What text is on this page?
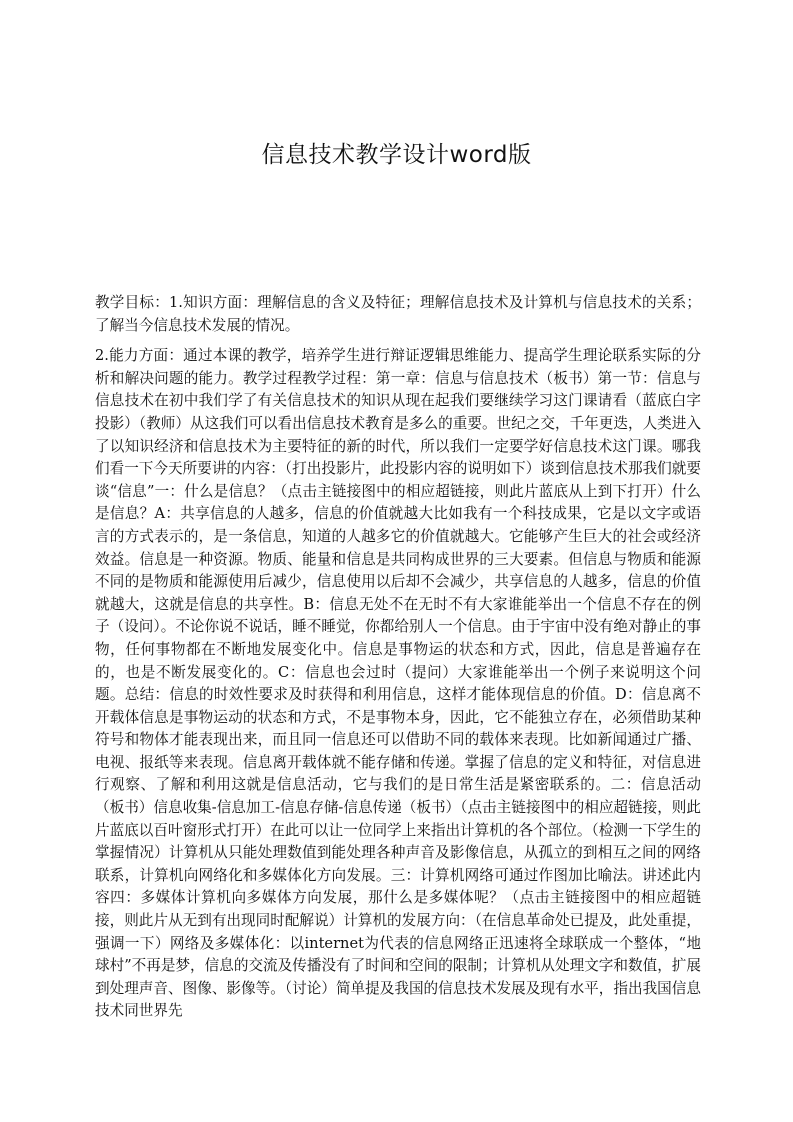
信息技术教学设计word版

教学目标：1.知识方面：理解信息的含义及特征；理解信息技术及计算机与信息技术的关系；了解当今信息技术发展的情况。

2.能力方面：通过本课的教学，培养学生进行辩证逻辑思维能力、提高学生理论联系实际的分析和解决问题的能力。教学过程教学过程：第一章：信息与信息技术（板书）第一节：信息与信息技术在初中我们学了有关信息技术的知识从现在起我们要继续学习这门课请看（蓝底白字投影）（教师）从这我们可以看出信息技术教育是多么的重要。世纪之交，千年更迭，人类进入了以知识经济和信息技术为主要特征的新的时代，所以我们一定要学好信息技术这门课。哪我们看一下今天所要讲的内容：（打出投影片，此投影内容的说明如下）谈到信息技术那我们就要谈“信息”一：什么是信息？（点击主链接图中的相应超链接，则此片蓝底从上到下打开）什么是信息？A：共享信息的人越多，信息的价值就越大比如我有一个科技成果，它是以文字或语言的方式表示的，是一条信息，知道的人越多它的价值就越大。它能够产生巨大的社会或经济效益。信息是一种资源。物质、能量和信息是共同构成世界的三大要素。但信息与物质和能源不同的是物质和能源使用后减少，信息使用以后却不会减少，共享信息的人越多，信息的价值就越大，这就是信息的共享性。B：信息无处不在无时不有大家谁能举出一个信息不存在的例子（设问）。不论你说不说话，睡不睡觉，你都给别人一个信息。由于宇宙中没有绝对静止的事物，任何事物都在不断地发展变化中。信息是事物运的状态和方式，因此，信息是普遍存在的，也是不断发展变化的。C：信息也会过时（提问）大家谁能举出一个例子来说明这个问题。总结：信息的时效性要求及时获得和利用信息，这样才能体现信息的价值。D：信息离不开载体信息是事物运动的状态和方式，不是事物本身，因此，它不能独立存在，必须借助某种符号和物体才能表现出来，而且同一信息还可以借助不同的载体来表现。比如新闻通过广播、电视、报纸等来表现。信息离开载体就不能存储和传递。掌握了信息的定义和特征，对信息进行观察、了解和利用这就是信息活动，它与我们的是日常生活是紧密联系的。二：信息活动（板书）信息收集-信息加工-信息存储-信息传递（板书）（点击主链接图中的相应超链接，则此片蓝底以百叶窗形式打开）在此可以让一位同学上来指出计算机的各个部位。（检测一下学生的掌握情况）计算机从只能处理数值到能处理各种声音及影像信息，从孤立的到相互之间的网络联系，计算机向网络化和多媒体化方向发展。三：计算机网络可通过作图加比喻法。讲述此内容四：多媒体计算机向多媒体方向发展，那什么是多媒体呢？（点击主链接图中的相应超链接，则此片从无到有出现同时配解说）计算机的发展方向：（在信息革命处已提及，此处重提，强调一下）网络及多媒体化：以internet为代表的信息网络正迅速将全球联成一个整体，“地球村”不再是梦，信息的交流及传播没有了时间和空间的限制；计算机从处理文字和数值，扩展到处理声音、图像、影像等。（讨论）简单提及我国的信息技术发展及现有水平，指出我国信息技术同世界先
